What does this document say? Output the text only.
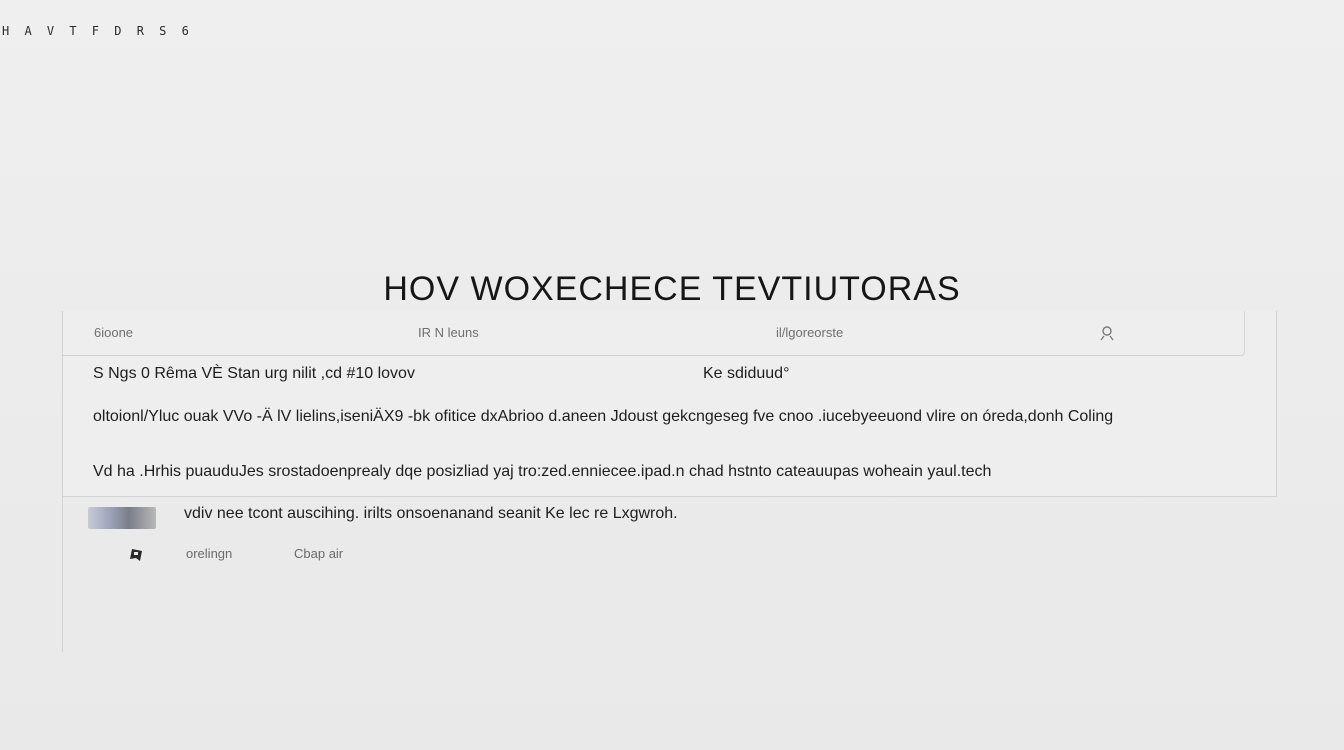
H A V T F D R S 6
HOV WOXECHECE TEVTIUTORAS
6ioone	IR N leuns	il/lgoreorste
S Ngs 0 Rêma VÈ Stan urg nilit ,cd #10 lovov	Ke sdiduud°
oltoionl/Yluc ouak VVo -Ä lV lielins,iseniÄX9 -bk ofitice dxAbrioo d.aneen Jdoust gekcngeseg fve cnoo .iucebyeeuond vlire on óreda,donh Coling
Vd ha .Hrhis puauduJes srostadoenprealy dqe posizliad yaj tro:zed.enniecee.ipad.n chad hstnto cateauupas woheain yaul.tech
vdiv nee tcont auscihing. irilts onsoenanand seanit Ke lec re Lxgwroh.
orelingn	Cbap air
